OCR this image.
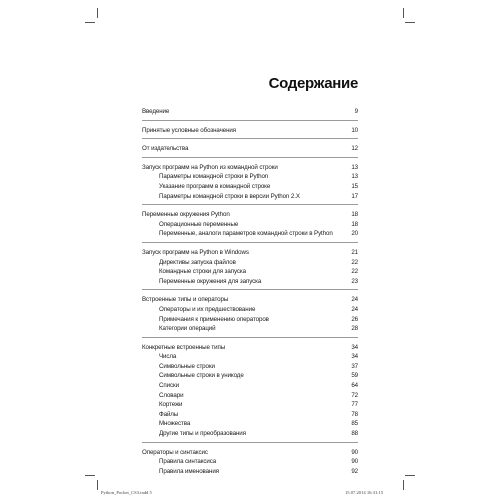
Содержание
Введение	9
Принятые условные обозначения	10
От издательства	12
Запуск программ на Python из командной строки	13
Параметры командной строки в Python	13
Указание программ в командной строке	15
Параметры командной строки в версии Python 2.X	17
Переменные окружения Python	18
Операционные переменные	18
Переменные, аналоги параметров командной строки в Python	20
Запуск программ на Python в Windows	21
Директивы запуска файлов	22
Командные строки для запуска	22
Переменные окружения для запуска	23
Встроенные типы и операторы	24
Операторы и их предшествование	24
Примечания к применению операторов	26
Категории операций	28
Конкретные встроенные типы	34
Числа	34
Символьные строки	37
Символьные строки в уникоде	59
Списки	64
Словари	72
Кортежи	77
Файлы	78
Множества	85
Другие типы и преобразования	88
Операторы и синтаксис	90
Правила синтаксиса	90
Правила именования	92
Python_Pocket_CS3.indd 5	15.07.2014 16:31:15
